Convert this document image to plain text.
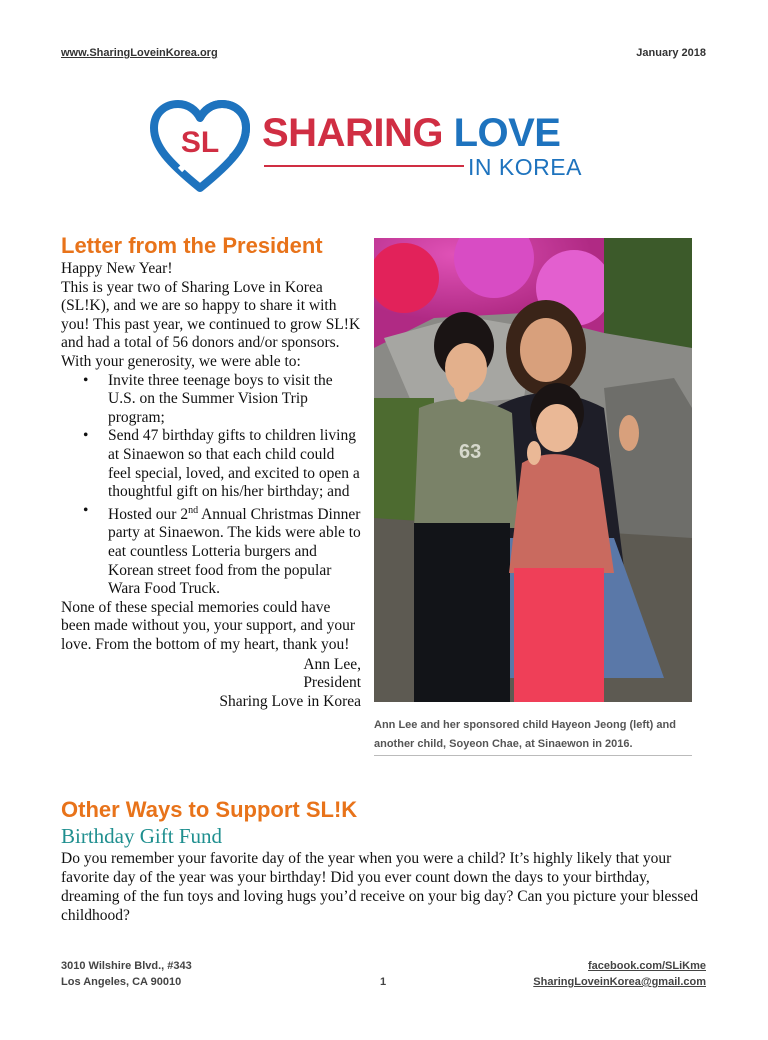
www.SharingLoveinKorea.org	January 2018
SL SHARING LOVE
IN KOREA
Letter from the President

Happy New Year!

This is year two of Sharing Love in Korea (SL!K), and we are so happy to share it with you! This past year, we continued to grow SL!K and had a total of 56 donors and/or sponsors. With your generosity, we were able to:

• Invite three teenage boys to visit the U.S. on the Summer Vision Trip program;
• Send 47 birthday gifts to children living at Sinaewon so that each child could feel special, loved, and excited to open a thoughtful gift on his/her birthday; and
• Hosted our 2nd Annual Christmas Dinner party at Sinaewon. The kids were able to eat countless Lotteria burgers and Korean street food from the popular Wara Food Truck.

None of these special memories could have been made without you, your support, and your love. From the bottom of my heart, thank you!

Ann Lee,
President
Sharing Love in Korea
63
Ann Lee and her sponsored child Hayeon Jeong (left) and another child, Soyeon Chae, at Sinaewon in 2016.
Other Ways to Support SL!K
Birthday Gift Fund
Do you remember your favorite day of the year when you were a child? It’s highly likely that your favorite day of the year was your birthday! Did you ever count down the days to your birthday, dreaming of the fun toys and loving hugs you’d receive on your big day? Can you picture your blessed childhood?
3010 Wilshire Blvd., #343
Los Angeles, CA 90010	1
facebook.com/SLiKme
SharingLoveinKorea@gmail.com
